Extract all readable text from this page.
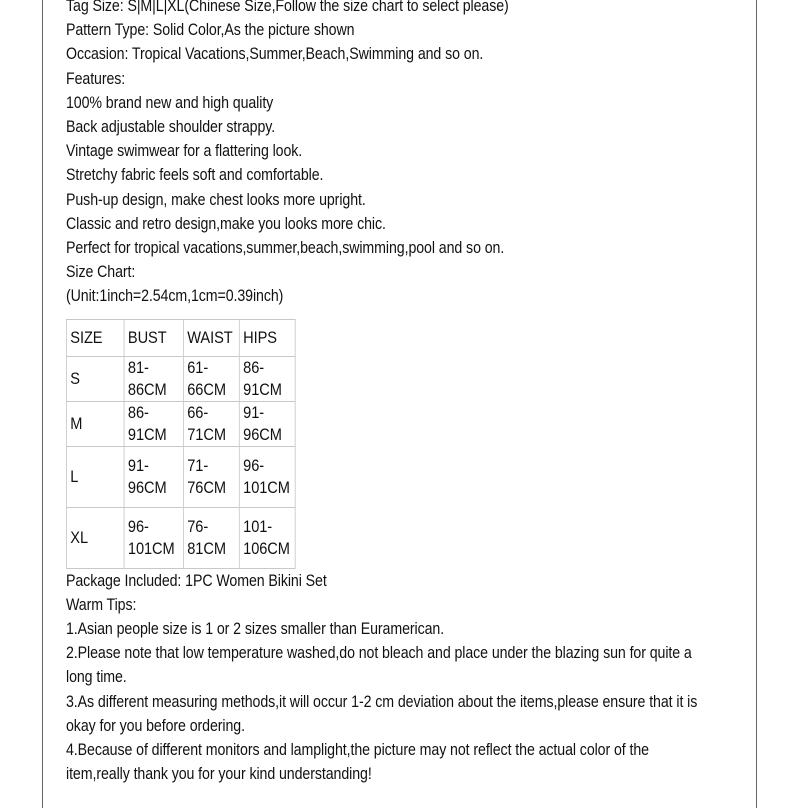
Tag Size: S|M|L|XL(Chinese Size,Follow the size chart to select please)
Pattern Type: Solid Color,As the picture shown
Occasion: Tropical Vacations,Summer,Beach,Swimming and so on.
Features:
100% brand new and high quality
Back adjustable shoulder strappy.
Vintage swimwear for a flattering look.
Stretchy fabric feels soft and comfortable.
Push-up design, make chest looks more upright.
Classic and retro design,make you looks more chic.
Perfect for tropical vacations,summer,beach,swimming,pool and so on.
Size Chart:
(Unit:1inch=2.54cm,1cm=0.39inch)
SIZE	BUST	WAIST	HIPS
S	81-86CM	61-66CM	86-91CM
M	86-91CM	66-71CM	91-96CM
L	91-96CM	71-76CM	96-101CM
XL	96-101CM	76-81CM	101-106CM
Package Included: 1PC Women Bikini Set
Warm Tips:
1.Asian people size is 1 or 2 sizes smaller than Euramerican.
2.Please note that low temperature washed,do not bleach and place under the blazing sun for quite a long time.
3.As different measuring methods,it will occur 1-2 cm deviation about the items,please ensure that it is okay for you before ordering.
4.Because of different monitors and lamplight,the picture may not reflect the actual color of the item,really thank you for your kind understanding!
